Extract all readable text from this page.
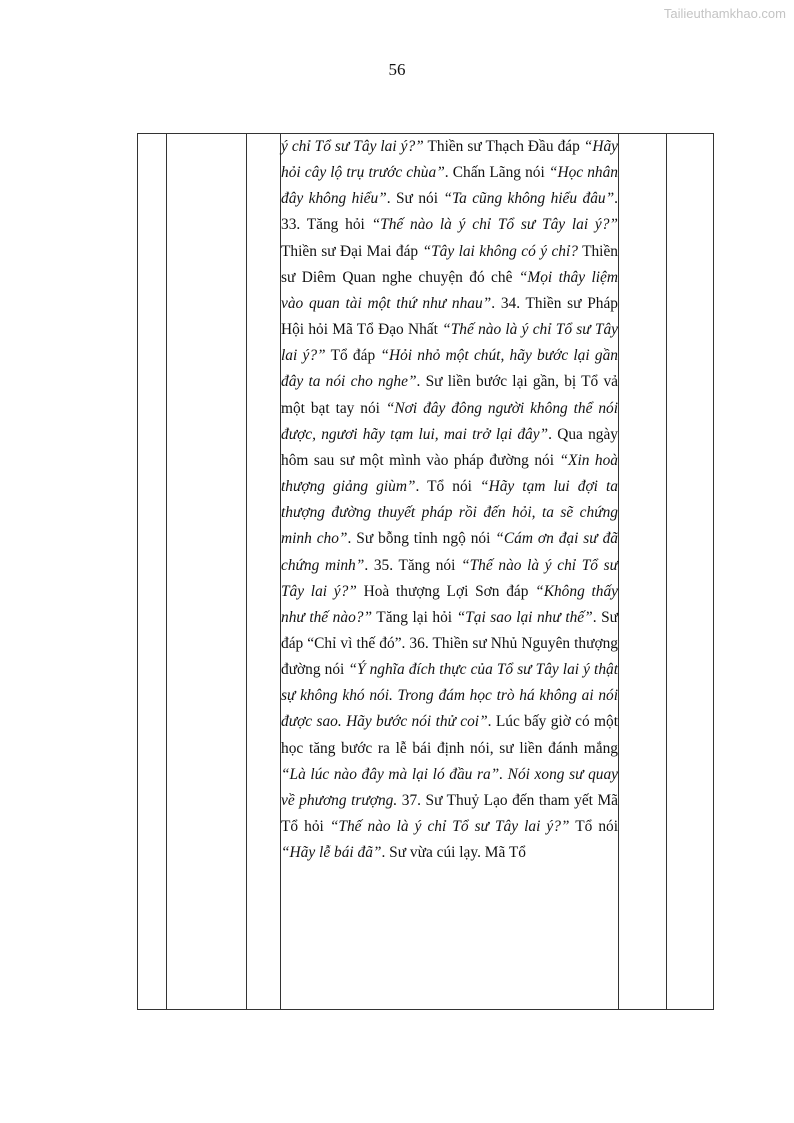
Tailieuthamkhao.com
56

ý chỉ Tổ sư Tây lai ý?” Thiền sư Thạch Đầu đáp “Hãy hỏi cây lộ trụ trước chùa”. Chấn Lãng nói “Học nhân đây không hiểu”. Sư nói “Ta cũng không hiểu đâu”. 33. Tăng hỏi “Thế nào là ý chỉ Tổ sư Tây lai ý?” Thiền sư Đại Mai đáp “Tây lai không có ý chỉ? Thiền sư Diêm Quan nghe chuyện đó chê “Mọi thây liệm vào quan tài một thứ như nhau”. 34. Thiền sư Pháp Hội hỏi Mã Tổ Đạo Nhất “Thế nào là ý chỉ Tổ sư Tây lai ý?” Tổ đáp “Hỏi nhỏ một chút, hãy bước lại gần đây ta nói cho nghe”. Sư liền bước lại gần, bị Tổ vả một bạt tay nói “Nơi đây đông người không thể nói được, ngươi hãy tạm lui, mai trở lại đây”. Qua ngày hôm sau sư một mình vào pháp đường nói “Xin hoà thượng giảng giùm”. Tổ nói “Hãy tạm lui đợi ta thượng đường thuyết pháp rồi đến hỏi, ta sẽ chứng minh cho”. Sư bỗng tỉnh ngộ nói “Cám ơn đại sư đã chứng minh”. 35. Tăng nói “Thế nào là ý chỉ Tổ sư Tây lai ý?” Hoà thượng Lợi Sơn đáp “Không thấy như thế nào?” Tăng lại hỏi “Tại sao lại như thế”. Sư đáp “Chỉ vì thế đó”. 36. Thiền sư Nhủ Nguyên thượng đường nói “Ý nghĩa đích thực của Tổ sư Tây lai ý thật sự không khó nói. Trong đám học trò há không ai nói được sao. Hãy bước nói thử coi”. Lúc bấy giờ có một học tăng bước ra lễ bái định nói, sư liền đánh mắng “Là lúc nào đây mà lại ló đầu ra”. Nói xong sư quay về phương trượng. 37. Sư Thuỷ Lạo đến tham yết Mã Tổ hỏi “Thế nào là ý chỉ Tổ sư Tây lai ý?” Tổ nói “Hãy lễ bái đã”. Sư vừa cúi lạy. Mã Tổ
